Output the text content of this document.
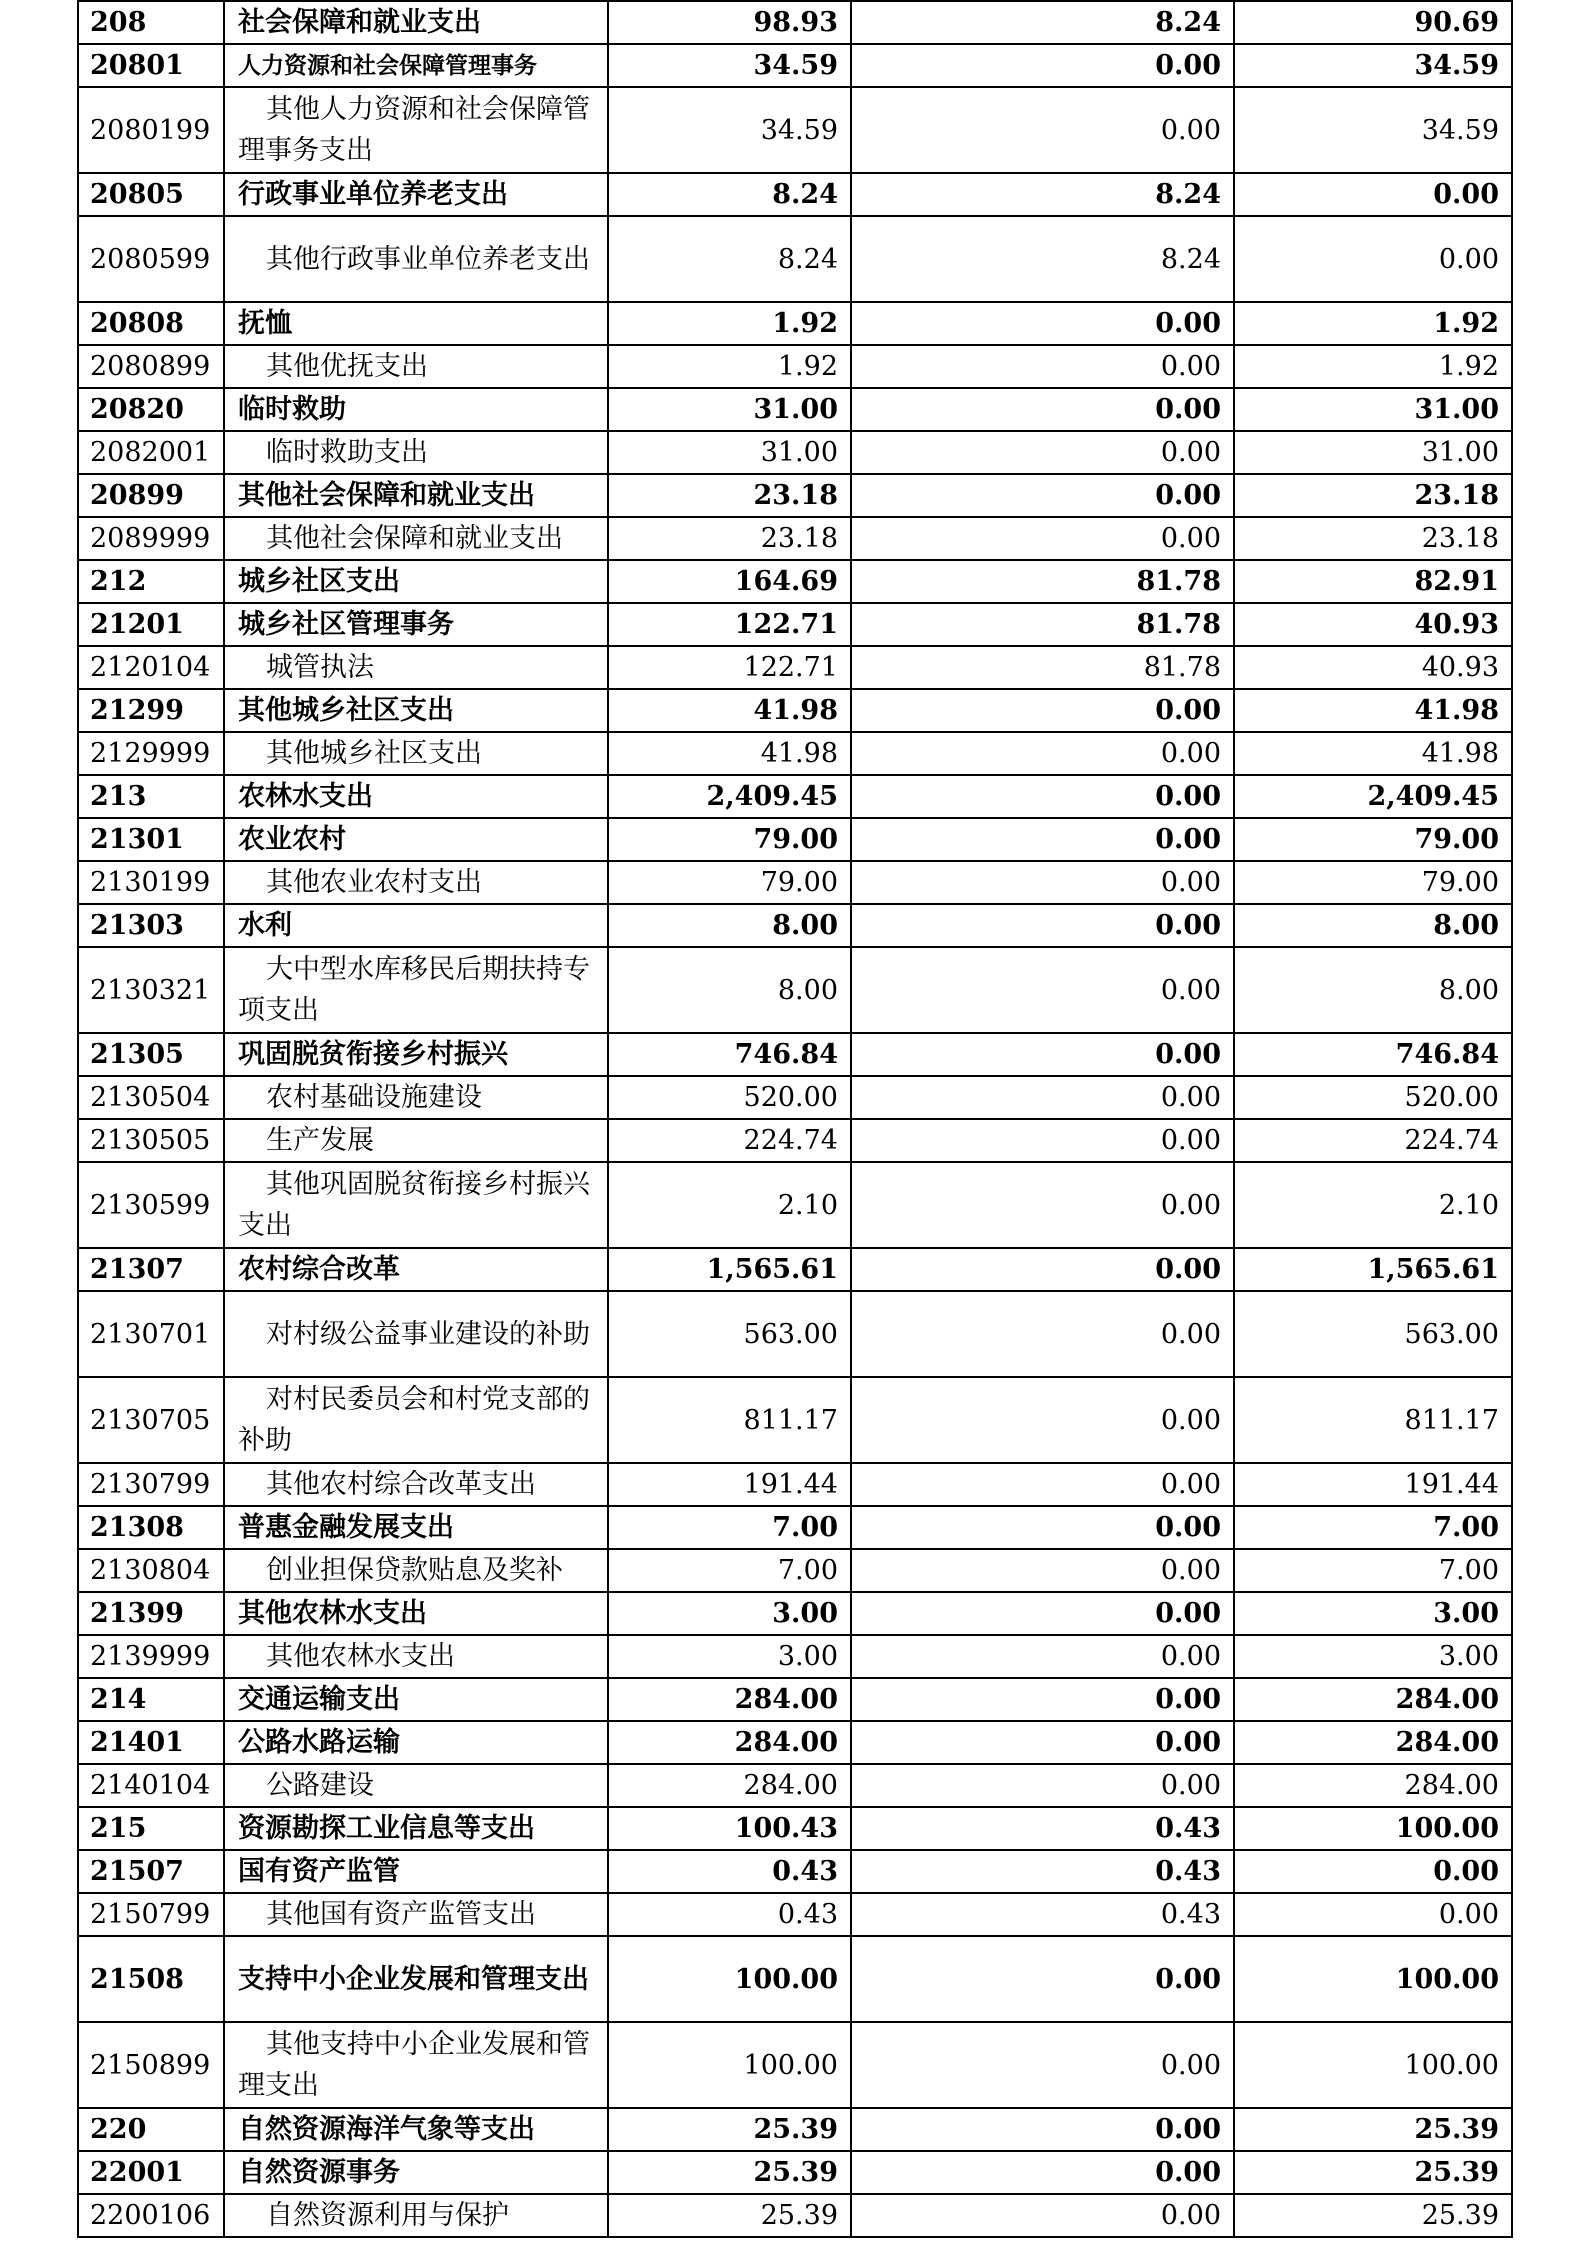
208	社会保障和就业支出	98.93	8.24	90.69
20801	人力资源和社会保障管理事务	34.59	0.00	34.59
2080199	其他人力资源和社会保障管理事务支出	34.59	0.00	34.59
20805	行政事业单位养老支出	8.24	8.24	0.00
2080599	其他行政事业单位养老支出	8.24	8.24	0.00
20808	抚恤	1.92	0.00	1.92
2080899	其他优抚支出	1.92	0.00	1.92
20820	临时救助	31.00	0.00	31.00
2082001	临时救助支出	31.00	0.00	31.00
20899	其他社会保障和就业支出	23.18	0.00	23.18
2089999	其他社会保障和就业支出	23.18	0.00	23.18
212	城乡社区支出	164.69	81.78	82.91
21201	城乡社区管理事务	122.71	81.78	40.93
2120104	城管执法	122.71	81.78	40.93
21299	其他城乡社区支出	41.98	0.00	41.98
2129999	其他城乡社区支出	41.98	0.00	41.98
213	农林水支出	2,409.45	0.00	2,409.45
21301	农业农村	79.00	0.00	79.00
2130199	其他农业农村支出	79.00	0.00	79.00
21303	水利	8.00	0.00	8.00
2130321	大中型水库移民后期扶持专项支出	8.00	0.00	8.00
21305	巩固脱贫衔接乡村振兴	746.84	0.00	746.84
2130504	农村基础设施建设	520.00	0.00	520.00
2130505	生产发展	224.74	0.00	224.74
2130599	其他巩固脱贫衔接乡村振兴支出	2.10	0.00	2.10
21307	农村综合改革	1,565.61	0.00	1,565.61
2130701	对村级公益事业建设的补助	563.00	0.00	563.00
2130705	对村民委员会和村党支部的补助	811.17	0.00	811.17
2130799	其他农村综合改革支出	191.44	0.00	191.44
21308	普惠金融发展支出	7.00	0.00	7.00
2130804	创业担保贷款贴息及奖补	7.00	0.00	7.00
21399	其他农林水支出	3.00	0.00	3.00
2139999	其他农林水支出	3.00	0.00	3.00
214	交通运输支出	284.00	0.00	284.00
21401	公路水路运输	284.00	0.00	284.00
2140104	公路建设	284.00	0.00	284.00
215	资源勘探工业信息等支出	100.43	0.43	100.00
21507	国有资产监管	0.43	0.43	0.00
2150799	其他国有资产监管支出	0.43	0.43	0.00
21508	支持中小企业发展和管理支出	100.00	0.00	100.00
2150899	其他支持中小企业发展和管理支出	100.00	0.00	100.00
220	自然资源海洋气象等支出	25.39	0.00	25.39
22001	自然资源事务	25.39	0.00	25.39
2200106	自然资源利用与保护	25.39	0.00	25.39
